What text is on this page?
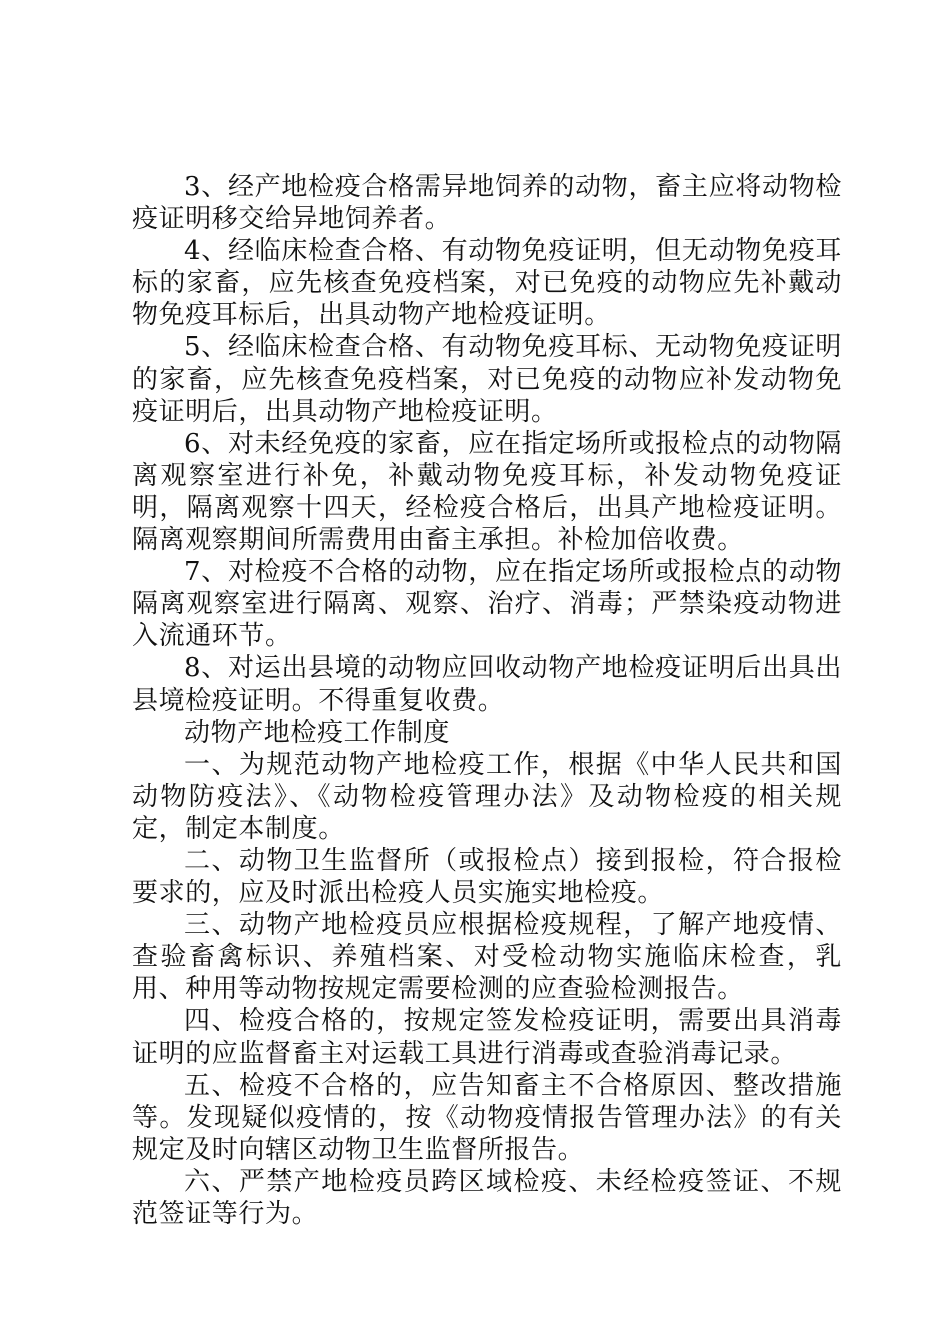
3、经产地检疫合格需异地饲养的动物，畜主应将动物检疫证明移交给异地饲养者。

4、经临床检查合格、有动物免疫证明，但无动物免疫耳标的家畜，应先核查免疫档案，对已免疫的动物应先补戴动物免疫耳标后，出具动物产地检疫证明。

5、经临床检查合格、有动物免疫耳标、无动物免疫证明的家畜，应先核查免疫档案，对已免疫的动物应补发动物免疫证明后，出具动物产地检疫证明。

6、对未经免疫的家畜，应在指定场所或报检点的动物隔离观察室进行补免，补戴动物免疫耳标，补发动物免疫证明，隔离观察十四天，经检疫合格后，出具产地检疫证明。隔离观察期间所需费用由畜主承担。补检加倍收费。

7、对检疫不合格的动物，应在指定场所或报检点的动物隔离观察室进行隔离、观察、治疗、消毒；严禁染疫动物进入流通环节。

8、对运出县境的动物应回收动物产地检疫证明后出具出县境检疫证明。不得重复收费。

动物产地检疫工作制度

一、为规范动物产地检疫工作，根据《中华人民共和国动物防疫法》、《动物检疫管理办法》及动物检疫的相关规定，制定本制度。

二、动物卫生监督所（或报检点）接到报检，符合报检要求的，应及时派出检疫人员实施实地检疫。

三、动物产地检疫员应根据检疫规程，了解产地疫情、查验畜禽标识、养殖档案、对受检动物实施临床检查，乳用、种用等动物按规定需要检测的应查验检测报告。

四、检疫合格的，按规定签发检疫证明，需要出具消毒证明的应监督畜主对运载工具进行消毒或查验消毒记录。

五、检疫不合格的，应告知畜主不合格原因、整改措施等。发现疑似疫情的，按《动物疫情报告管理办法》的有关规定及时向辖区动物卫生监督所报告。

六、严禁产地检疫员跨区域检疫、未经检疫签证、不规范签证等行为。
